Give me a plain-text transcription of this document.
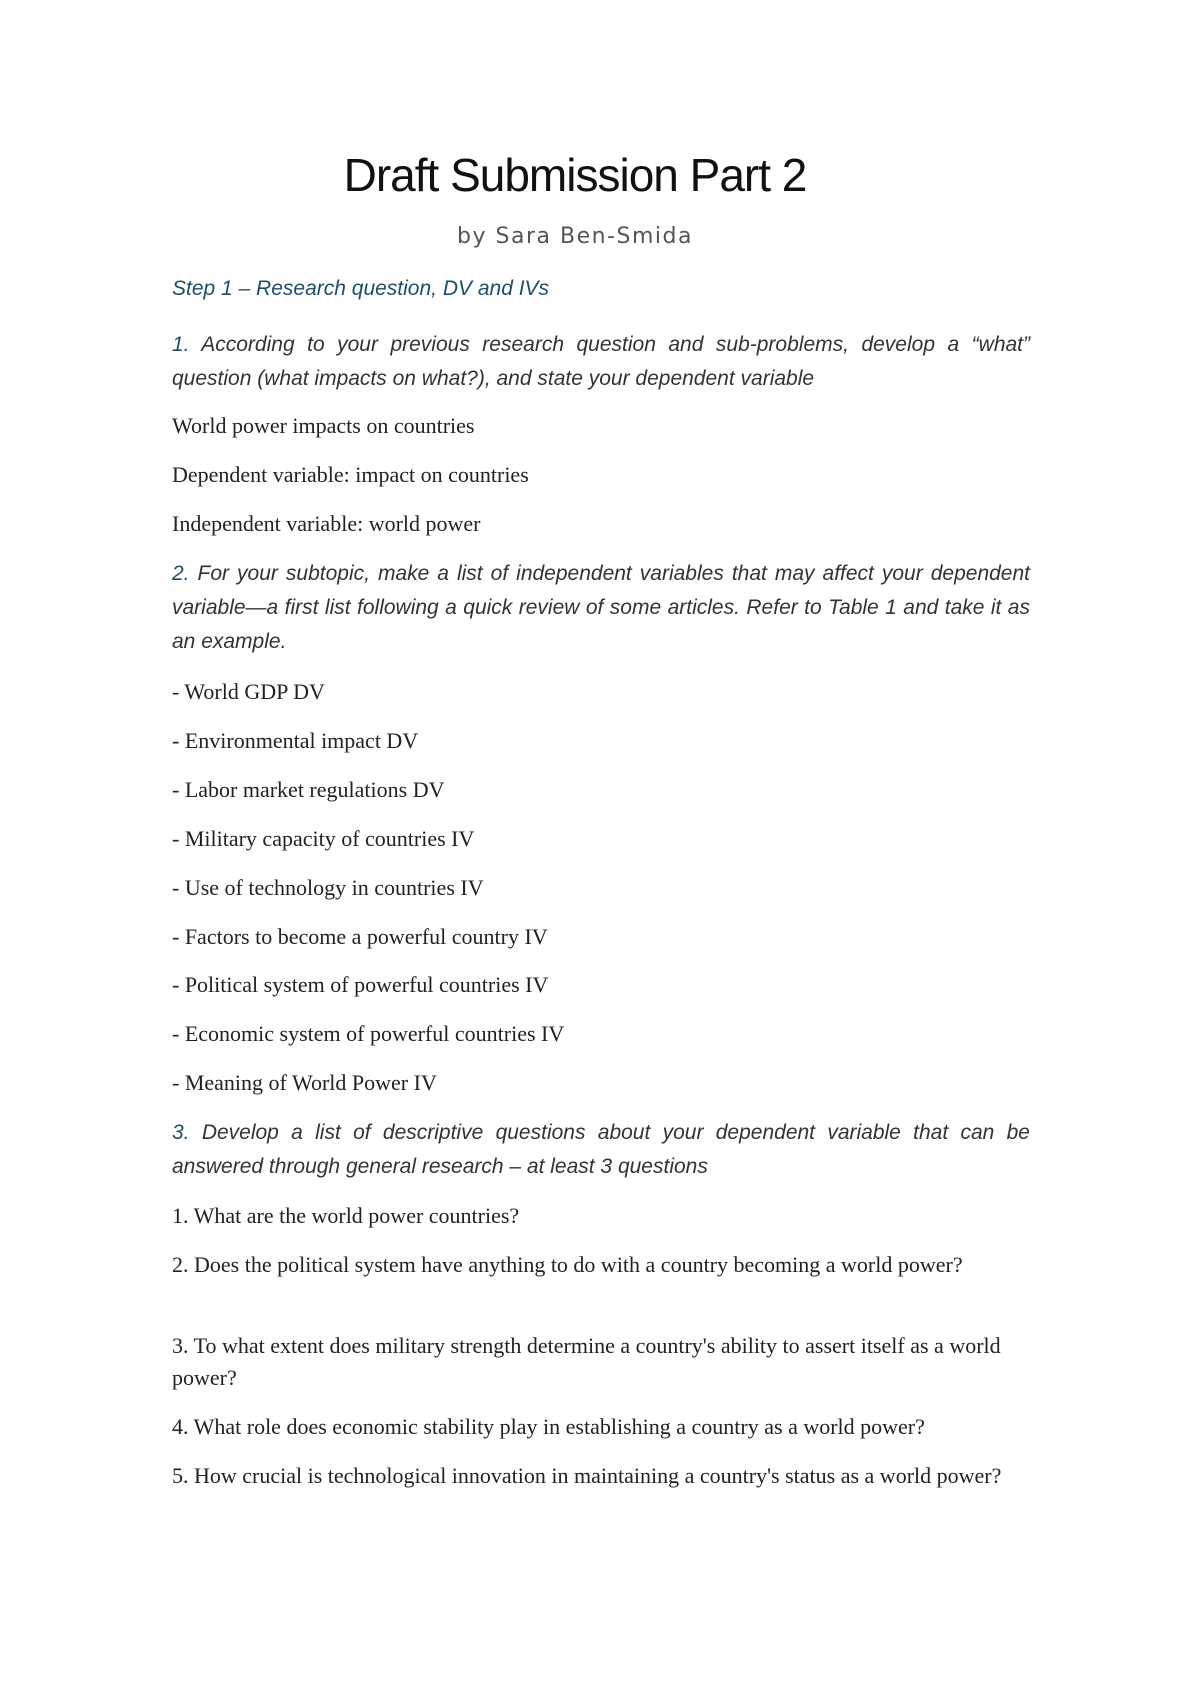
Draft Submission Part 2
by Sara Ben-Smida
Step 1 – Research question, DV and IVs

1. According to your previous research question and sub-problems, develop a “what” question (what impacts on what?), and state your dependent variable

World power impacts on countries

Dependent variable: impact on countries

Independent variable: world power

2. For your subtopic, make a list of independent variables that may affect your dependent variable—a first list following a quick review of some articles. Refer to Table 1 and take it as an example.

- World GDP DV

- Environmental impact DV

- Labor market regulations DV

- Military capacity of countries IV

- Use of technology in countries IV

- Factors to become a powerful country IV

- Political system of powerful countries IV

- Economic system of powerful countries IV

- Meaning of World Power IV

3. Develop a list of descriptive questions about your dependent variable that can be answered through general research – at least 3 questions

1. What are the world power countries?

2. Does the political system have anything to do with a country becoming a world power?

3. To what extent does military strength determine a country's ability to assert itself as a world power?

4. What role does economic stability play in establishing a country as a world power?

5. How crucial is technological innovation in maintaining a country's status as a world power?
